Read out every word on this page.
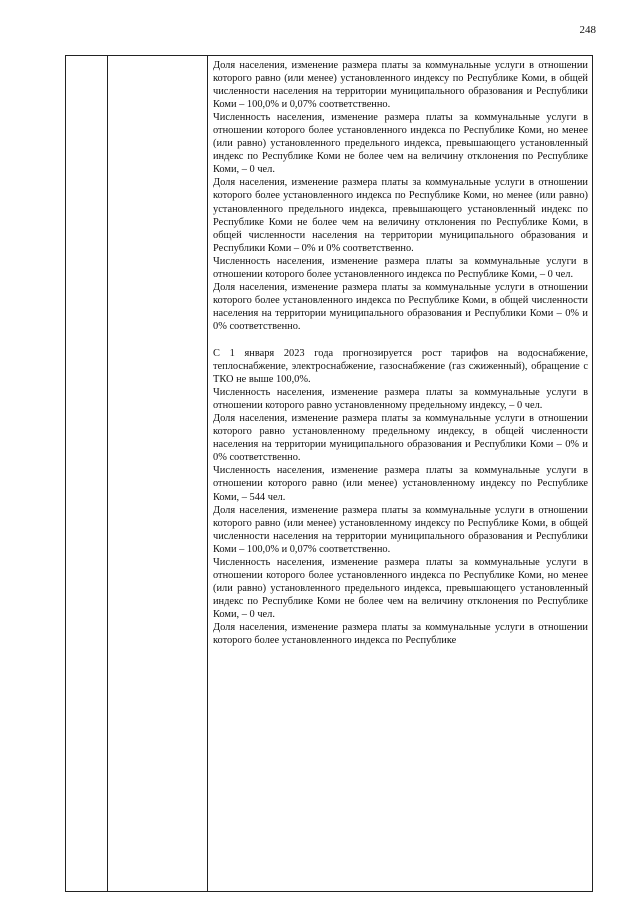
248

Доля населения, изменение размера платы за коммунальные услуги в отношении которого равно (или менее) установленного индексу по Республике Коми, в общей численности населения на территории муниципального образования и Республики Коми – 100,0% и 0,07% соответственно.

Численность населения, изменение размера платы за коммунальные услуги в отношении которого более установленного индекса по Республике Коми, но менее (или равно) установленного предельного индекса, превышающего установленный индекс по Республике Коми не более чем на величину отклонения по Республике Коми, – 0 чел.

Доля населения, изменение размера платы за коммунальные услуги в отношении которого более установленного индекса по Республике Коми, но менее (или равно) установленного предельного индекса, превышающего установленный индекс по Республике Коми не более чем на величину отклонения по Республике Коми, в общей численности населения на территории муниципального образования и Республики Коми – 0% и 0% соответственно.

Численность населения, изменение размера платы за коммунальные услуги в отношении которого более установленного индекса по Республике Коми, – 0 чел.

Доля населения, изменение размера платы за коммунальные услуги в отношении которого более установленного индекса по Республике Коми, в общей численности населения на территории муниципального образования и Республики Коми – 0% и 0% соответственно.

С 1 января 2023 года прогнозируется рост тарифов на водоснабжение, теплоснабжение, электроснабжение, газоснабжение (газ сжиженный), обращение с ТКО не выше 100,0%.

Численность населения, изменение размера платы за коммунальные услуги в отношении которого равно установленному предельному индексу, – 0 чел.

Доля населения, изменение размера платы за коммунальные услуги в отношении которого равно установленному предельному индексу, в общей численности населения на территории муниципального образования и Республики Коми – 0% и 0% соответственно.

Численность населения, изменение размера платы за коммунальные услуги в отношении которого равно (или менее) установленному индексу по Республике Коми, – 544 чел.

Доля населения, изменение размера платы за коммунальные услуги в отношении которого равно (или менее) установленному индексу по Республике Коми, в общей численности населения на территории муниципального образования и Республики Коми – 100,0% и 0,07% соответственно.

Численность населения, изменение размера платы за коммунальные услуги в отношении которого более установленного индекса по Республике Коми, но менее (или равно) установленного предельного индекса, превышающего установленный индекс по Республике Коми не более чем на величину отклонения по Республике Коми, – 0 чел.

Доля населения, изменение размера платы за коммунальные услуги в отношении которого более установленного индекса по Республике
